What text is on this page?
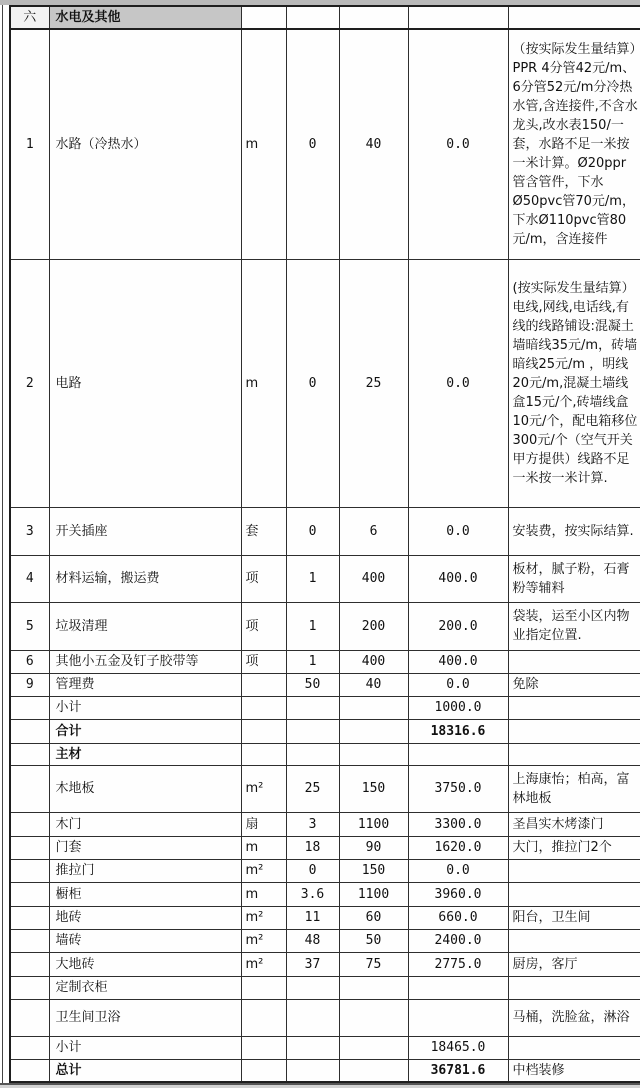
六	水电及其他					
1	水路（冷热水）	m	0	40	0.0	（按实际发生量结算）PPR 4分管42元/m、6分管52元/m分冷热水管,含连接件,不含水龙头,改水表150/一套，水路不足一米按一米计算。Ø20ppr管含管件，下水Ø50pvc管70元/m，下水Ø110pvc管80元/m，含连接件
2	电路	m	0	25	0.0	(按实际发生量结算）电线,网线,电话线,有线的线路铺设:混凝土墙暗线35元/m，砖墙暗线25元/m ，明线20元/m,混凝土墙线盒15元/个,砖墙线盒10元/个，配电箱移位300元/个（空气开关甲方提供）线路不足一米按一米计算.
3	开关插座	套	0	6	0.0	安装费，按实际结算.
4	材料运输，搬运费	项	1	400	400.0	板材，腻子粉，石膏粉等辅料
5	垃圾清理	项	1	200	200.0	袋装，运至小区内物业指定位置.
6	其他小五金及钉子胶带等	项	1	400	400.0	
9	管理费		50	40	0.0	免除
	小计				1000.0	
	合计				18316.6	
	主材					
	木地板	m²	25	150	3750.0	上海康怡；柏高，富林地板
	木门	扇	3	1100	3300.0	圣昌实木烤漆门
	门套	m	18	90	1620.0	大门，推拉门2个
	推拉门	m²	0	150	0.0	
	橱柜	m	3.6	1100	3960.0	
	地砖	m²	11	60	660.0	阳台，卫生间
	墙砖	m²	48	50	2400.0	
	大地砖	m²	37	75	2775.0	厨房，客厅
	定制衣柜					
	卫生间卫浴					马桶，洗脸盆，淋浴
	小计				18465.0	
	总计				36781.6	中档装修
